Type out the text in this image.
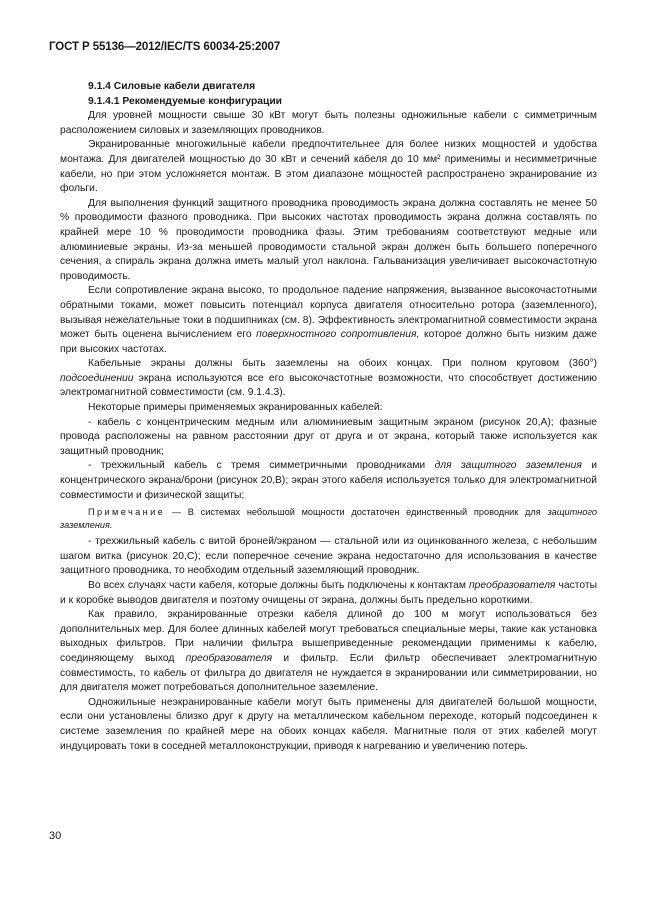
ГОСТ Р 55136—2012/IEC/TS 60034-25:2007
9.1.4 Силовые кабели двигателя
9.1.4.1 Рекомендуемые конфигурации

Для уровней мощности свыше 30 кВт могут быть полезны одножильные кабели с симметричным расположением силовых и заземляющих проводников.

Экранированные многожильные кабели предпочтительнее для более низких мощностей и удобства монтажа. Для двигателей мощностью до 30 кВт и сечений кабеля до 10 мм² применимы и несимметричные кабели, но при этом усложняется монтаж. В этом диапазоне мощностей распространено экранирование из фольги.

Для выполнения функций защитного проводника проводимость экрана должна составлять не менее 50 % проводимости фазного проводника. При высоких частотах проводимость экрана должна составлять по крайней мере 10 % проводимости проводника фазы. Этим требованиям соответствуют медные или алюминиевые экраны. Из-за меньшей проводимости стальной экран должен быть большего поперечного сечения, а спираль экрана должна иметь малый угол наклона. Гальванизация увеличивает высокочастотную проводимость.

Если сопротивление экрана высоко, то продольное падение напряжения, вызванное высокочастотными обратными токами, может повысить потенциал корпуса двигателя относительно ротора (заземленного), вызывая нежелательные токи в подшипниках (см. 8). Эффективность электромагнитной совместимости экрана может быть оценена вычислением его поверхностного сопротивления, которое должно быть низким даже при высоких частотах.

Кабельные экраны должны быть заземлены на обоих концах. При полном круговом (360°) подсоединении экрана используются все его высокочастотные возможности, что способствует достижению электромагнитной совместимости (см. 9.1.4.3).

Некоторые примеры применяемых экранированных кабелей:

- кабель с концентрическим медным или алюминиевым защитным экраном (рисунок 20,A); фазные провода расположены на равном расстоянии друг от друга и от экрана, который также используется как защитный проводник;

- трехжильный кабель с тремя симметричными проводниками для защитного заземления и концентрического экрана/брони (рисунок 20,B); экран этого кабеля используется только для электромагнитной совместимости и физической защиты;

Примечание — В системах небольшой мощности достаточен единственный проводник для защитного заземления.

- трехжильный кабель с витой броней/экраном — стальной или из оцинкованного железа, с небольшим шагом витка (рисунок 20,C); если поперечное сечение экрана недостаточно для использования в качестве защитного проводника, то необходим отдельный заземляющий проводник.

Во всех случаях части кабеля, которые должны быть подключены к контактам преобразователя частоты и к коробке выводов двигателя и поэтому очищены от экрана, должны быть предельно короткими.

Как правило, экранированные отрезки кабеля длиной до 100 м могут использоваться без дополнительных мер. Для более длинных кабелей могут требоваться специальные меры, такие как установка выходных фильтров. При наличии фильтра вышеприведенные рекомендации применимы к кабелю, соединяющему выход преобразователя и фильтр. Если фильтр обеспечивает электромагнитную совместимость, то кабель от фильтра до двигателя не нуждается в экранировании или симметрировании, но для двигателя может потребоваться дополнительное заземление.

Одножильные неэкранированные кабели могут быть применены для двигателей большой мощности, если они установлены близко друг к другу на металлическом кабельном переходе, который подсоединен к системе заземления по крайней мере на обоих концах кабеля. Магнитные поля от этих кабелей могут индуцировать токи в соседней металлоконструкции, приводя к нагреванию и увеличению потерь.

30
